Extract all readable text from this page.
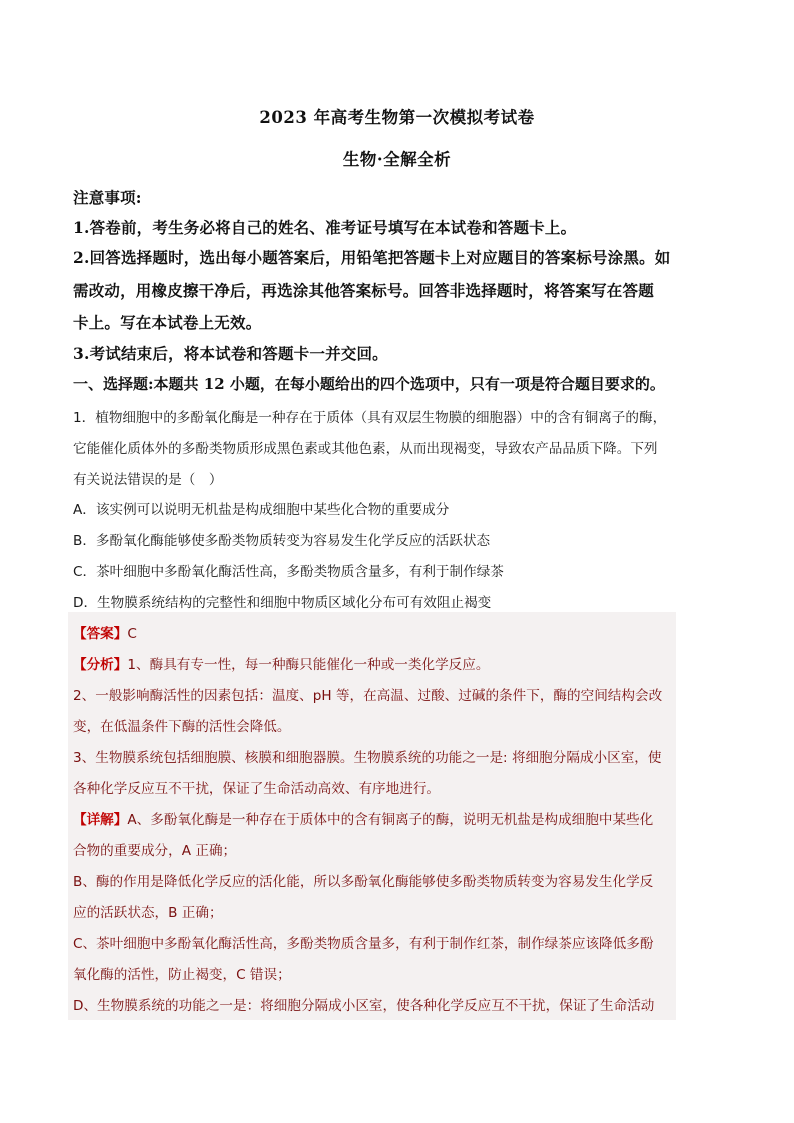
2023 年高考生物第一次模拟考试卷
生物·全解全析
注意事项:
1.答卷前，考生务必将自己的姓名、准考证号填写在本试卷和答题卡上。
2.回答选择题时，选出每小题答案后，用铅笔把答题卡上对应题目的答案标号涂黑。如
需改动，用橡皮擦干净后，再选涂其他答案标号。回答非选择题时，将答案写在答题
卡上。写在本试卷上无效。
3.考试结束后，将本试卷和答题卡一并交回。
一、选择题:本题共 12 小题，在每小题给出的四个选项中，只有一项是符合题目要求的。
1．植物细胞中的多酚氧化酶是一种存在于质体（具有双层生物膜的细胞器）中的含有铜离子的酶，
它能催化质体外的多酚类物质形成黑色素或其他色素，从而出现褐变，导致农产品品质下降。下列
有关说法错误的是（　）
A．该实例可以说明无机盐是构成细胞中某些化合物的重要成分
B．多酚氧化酶能够使多酚类物质转变为容易发生化学反应的活跃状态
C．茶叶细胞中多酚氧化酶活性高，多酚类物质含量多，有利于制作绿茶
D．生物膜系统结构的完整性和细胞中物质区域化分布可有效阻止褐变
【答案】C
【分析】1、酶具有专一性，每一种酶只能催化一种或一类化学反应。
2、一般影响酶活性的因素包括：温度、pH 等，在高温、过酸、过碱的条件下，酶的空间结构会改
变，在低温条件下酶的活性会降低。
3、生物膜系统包括细胞膜、核膜和细胞器膜。生物膜系统的功能之一是: 将细胞分隔成小区室，使
各种化学反应互不干扰，保证了生命活动高效、有序地进行。
【详解】A、多酚氧化酶是一种存在于质体中的含有铜离子的酶，说明无机盐是构成细胞中某些化
合物的重要成分，A 正确；
B、酶的作用是降低化学反应的活化能，所以多酚氧化酶能够使多酚类物质转变为容易发生化学反
应的活跃状态，B 正确；
C、茶叶细胞中多酚氧化酶活性高，多酚类物质含量多，有利于制作红茶，制作绿茶应该降低多酚
氧化酶的活性，防止褐变，C 错误；
D、生物膜系统的功能之一是：将细胞分隔成小区室，使各种化学反应互不干扰，保证了生命活动
